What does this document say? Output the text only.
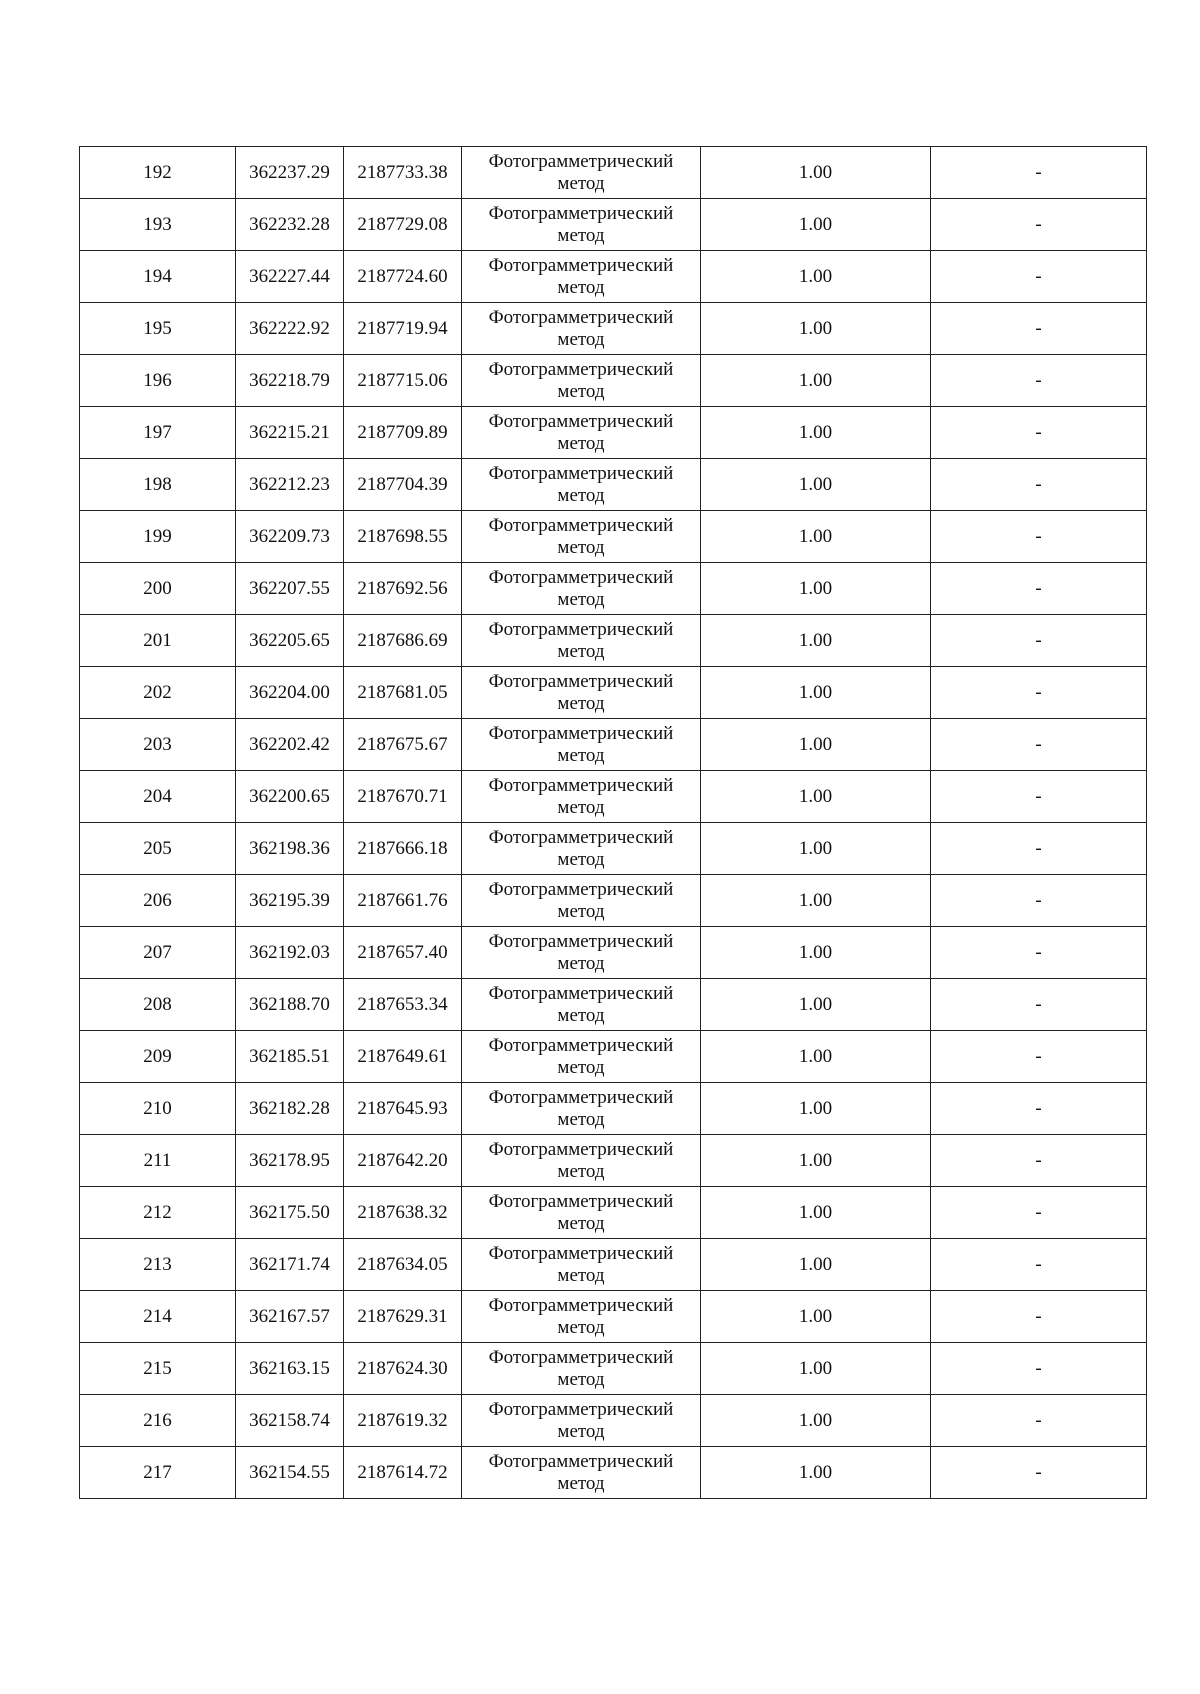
192	362237.29	2187733.38	Фотограмметрический
метод	1.00	-
193	362232.28	2187729.08	Фотограмметрический
метод	1.00	-
194	362227.44	2187724.60	Фотограмметрический
метод	1.00	-
195	362222.92	2187719.94	Фотограмметрический
метод	1.00	-
196	362218.79	2187715.06	Фотограмметрический
метод	1.00	-
197	362215.21	2187709.89	Фотограмметрический
метод	1.00	-
198	362212.23	2187704.39	Фотограмметрический
метод	1.00	-
199	362209.73	2187698.55	Фотограмметрический
метод	1.00	-
200	362207.55	2187692.56	Фотограмметрический
метод	1.00	-
201	362205.65	2187686.69	Фотограмметрический
метод	1.00	-
202	362204.00	2187681.05	Фотограмметрический
метод	1.00	-
203	362202.42	2187675.67	Фотограмметрический
метод	1.00	-
204	362200.65	2187670.71	Фотограмметрический
метод	1.00	-
205	362198.36	2187666.18	Фотограмметрический
метод	1.00	-
206	362195.39	2187661.76	Фотограмметрический
метод	1.00	-
207	362192.03	2187657.40	Фотограмметрический
метод	1.00	-
208	362188.70	2187653.34	Фотограмметрический
метод	1.00	-
209	362185.51	2187649.61	Фотограмметрический
метод	1.00	-
210	362182.28	2187645.93	Фотограмметрический
метод	1.00	-
211	362178.95	2187642.20	Фотограмметрический
метод	1.00	-
212	362175.50	2187638.32	Фотограмметрический
метод	1.00	-
213	362171.74	2187634.05	Фотограмметрический
метод	1.00	-
214	362167.57	2187629.31	Фотограмметрический
метод	1.00	-
215	362163.15	2187624.30	Фотограмметрический
метод	1.00	-
216	362158.74	2187619.32	Фотограмметрический
метод	1.00	-
217	362154.55	2187614.72	Фотограмметрический
метод	1.00	-
